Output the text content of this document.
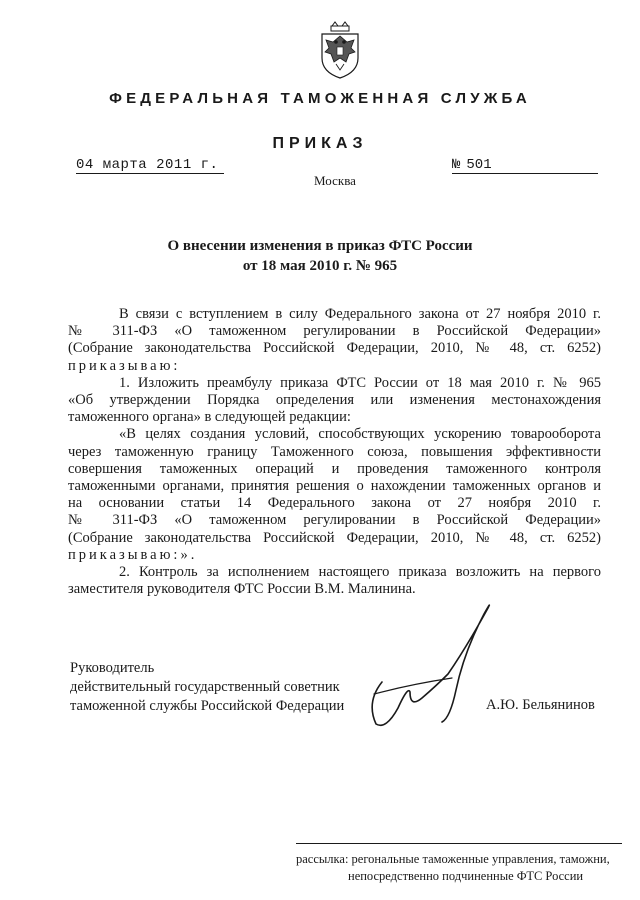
ФЕДЕРАЛЬНАЯ ТАМОЖЕННАЯ СЛУЖБА
ПРИКАЗ
04 марта 2011 г.	№ 501
Москва
О внесении изменения в приказ ФТС России
от 18 мая 2010 г. № 965

В связи с вступлением в силу Федерального закона от 27 ноября 2010 г.

№ 311-ФЗ «О таможенном регулировании в Российской Федерации»

(Собрание законодательства Российской Федерации, 2010, № 48, ст. 6252)

приказываю:

1. Изложить преамбулу приказа ФТС России от 18 мая 2010 г. № 965

«Об утверждении Порядка определения или изменения местонахождения

таможенного органа» в следующей редакции:

«В целях создания условий, способствующих ускорению товарооборота

через таможенную границу Таможенного союза, повышения эффективности

совершения таможенных операций и проведения таможенного контроля

таможенными органами, принятия решения о нахождении таможенных органов и

на основании статьи 14 Федерального закона от 27 ноября 2010 г.

№ 311-ФЗ «О таможенном регулировании в Российской Федерации»

(Собрание законодательства Российской Федерации, 2010, № 48, ст. 6252)

приказываю:».

2. Контроль за исполнением настоящего приказа возложить на первого

заместителя руководителя ФТС России В.М. Малинина.

Руководитель
действительный государственный советник
таможенной службы Российской Федерации	А.Ю. Бельянинов
рассылка: регональные таможенные управления, таможни,
непосредственно подчиненные ФТС России
